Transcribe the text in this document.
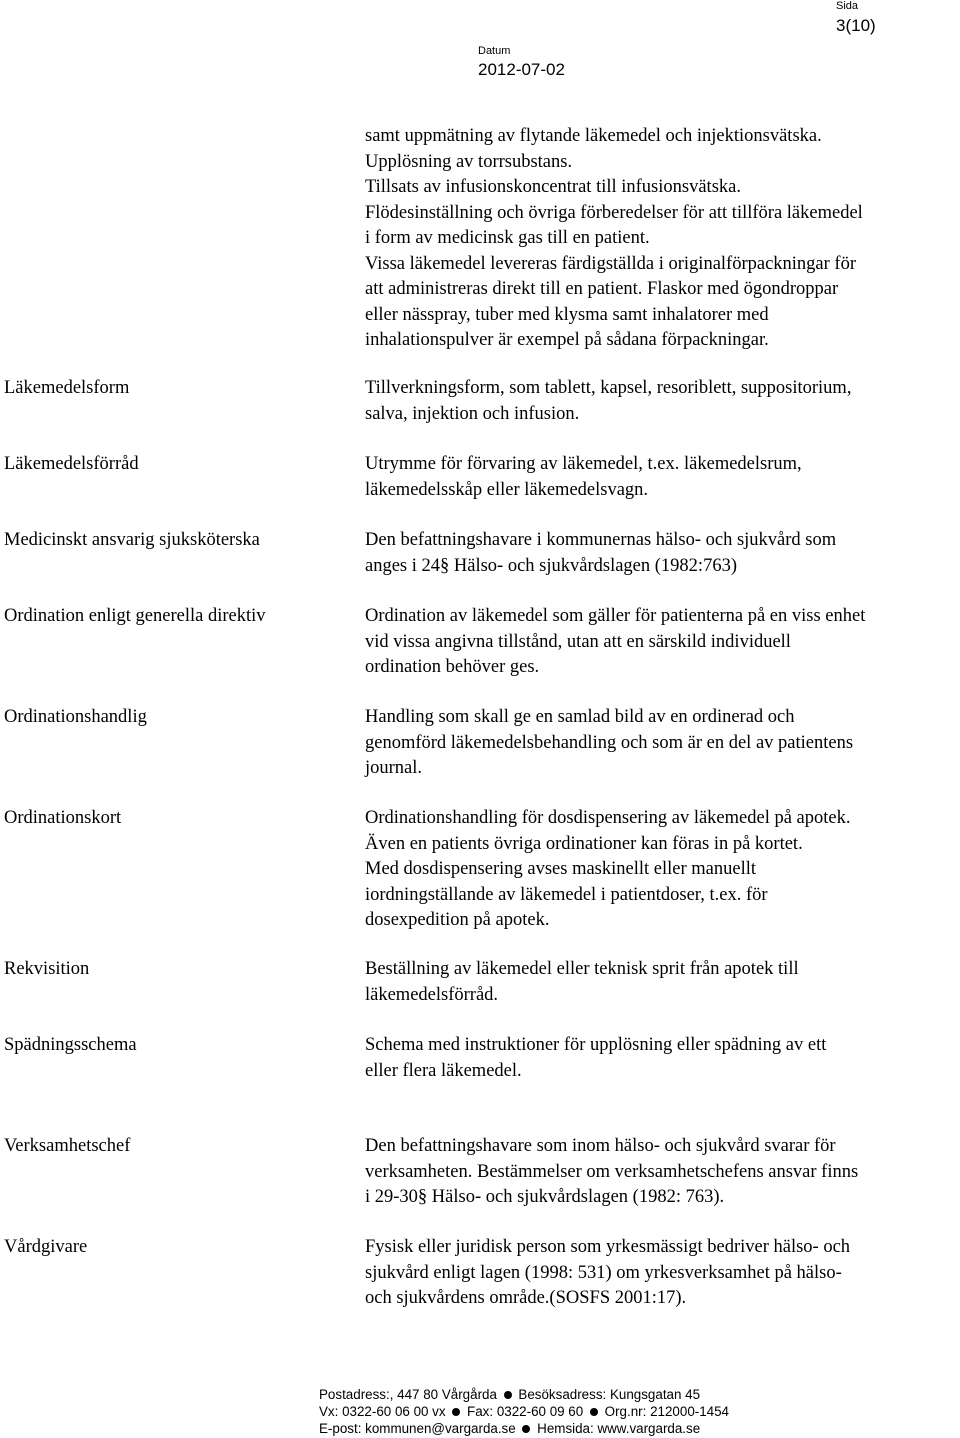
Sida
3(10)
Datum
2012-07-02
samt uppmätning av flytande läkemedel och injektionsvätska.
Upplösning av torrsubstans.
Tillsats av infusionskoncentrat till infusionsvätska.
Flödesinställning och övriga förberedelser för att tillföra läkemedel
i form av medicinsk gas till en patient.
Vissa läkemedel levereras färdigställda i originalförpackningar för
att administreras direkt till en patient. Flaskor med ögondroppar
eller nässpray, tuber med klysma samt inhalatorer med
inhalationspulver är exempel på sådana förpackningar.
Läkemedelsform	Tillverkningsform, som tablett, kapsel, resoriblett, suppositorium,
salva, injektion och infusion.
Läkemedelsförråd	Utrymme för förvaring av läkemedel, t.ex. läkemedelsrum,
läkemedelsskåp eller läkemedelsvagn.
Medicinskt ansvarig sjuksköterska	Den befattningshavare i kommunernas hälso- och sjukvård som
anges i 24§ Hälso- och sjukvårdslagen (1982:763)
Ordination enligt generella direktiv	Ordination av läkemedel som gäller för patienterna på en viss enhet
vid vissa angivna tillstånd, utan att en särskild individuell
ordination behöver ges.
Ordinationshandlig	Handling som skall ge en samlad bild av en ordinerad och
genomförd läkemedelsbehandling och som är en del av patientens
journal.
Ordinationskort	Ordinationshandling för dosdispensering av läkemedel på apotek.
Även en patients övriga ordinationer kan föras in på kortet.
Med dosdispensering avses maskinellt eller manuellt
iordningställande av läkemedel i patientdoser, t.ex. för
dosexpedition på apotek.
Rekvisition	Beställning av läkemedel eller teknisk sprit från apotek till
läkemedelsförråd.
Spädningsschema	Schema med instruktioner för upplösning eller spädning av ett
eller flera läkemedel.
Verksamhetschef	Den befattningshavare som inom hälso- och sjukvård svarar för
verksamheten. Bestämmelser om verksamhetschefens ansvar finns
i 29-30§ Hälso- och sjukvårdslagen (1982: 763).
Vårdgivare	Fysisk eller juridisk person som yrkesmässigt bedriver hälso- och
sjukvård enligt lagen (1998: 531) om yrkesverksamhet på hälso-
och sjukvårdens område.(SOSFS 2001:17).
Postadress:, 447 80 Vårgårda Besöksadress: Kungsgatan 45
Vx: 0322-60 06 00 vx Fax: 0322-60 09 60 Org.nr: 212000-1454
E-post: kommunen@vargarda.se Hemsida: www.vargarda.se
